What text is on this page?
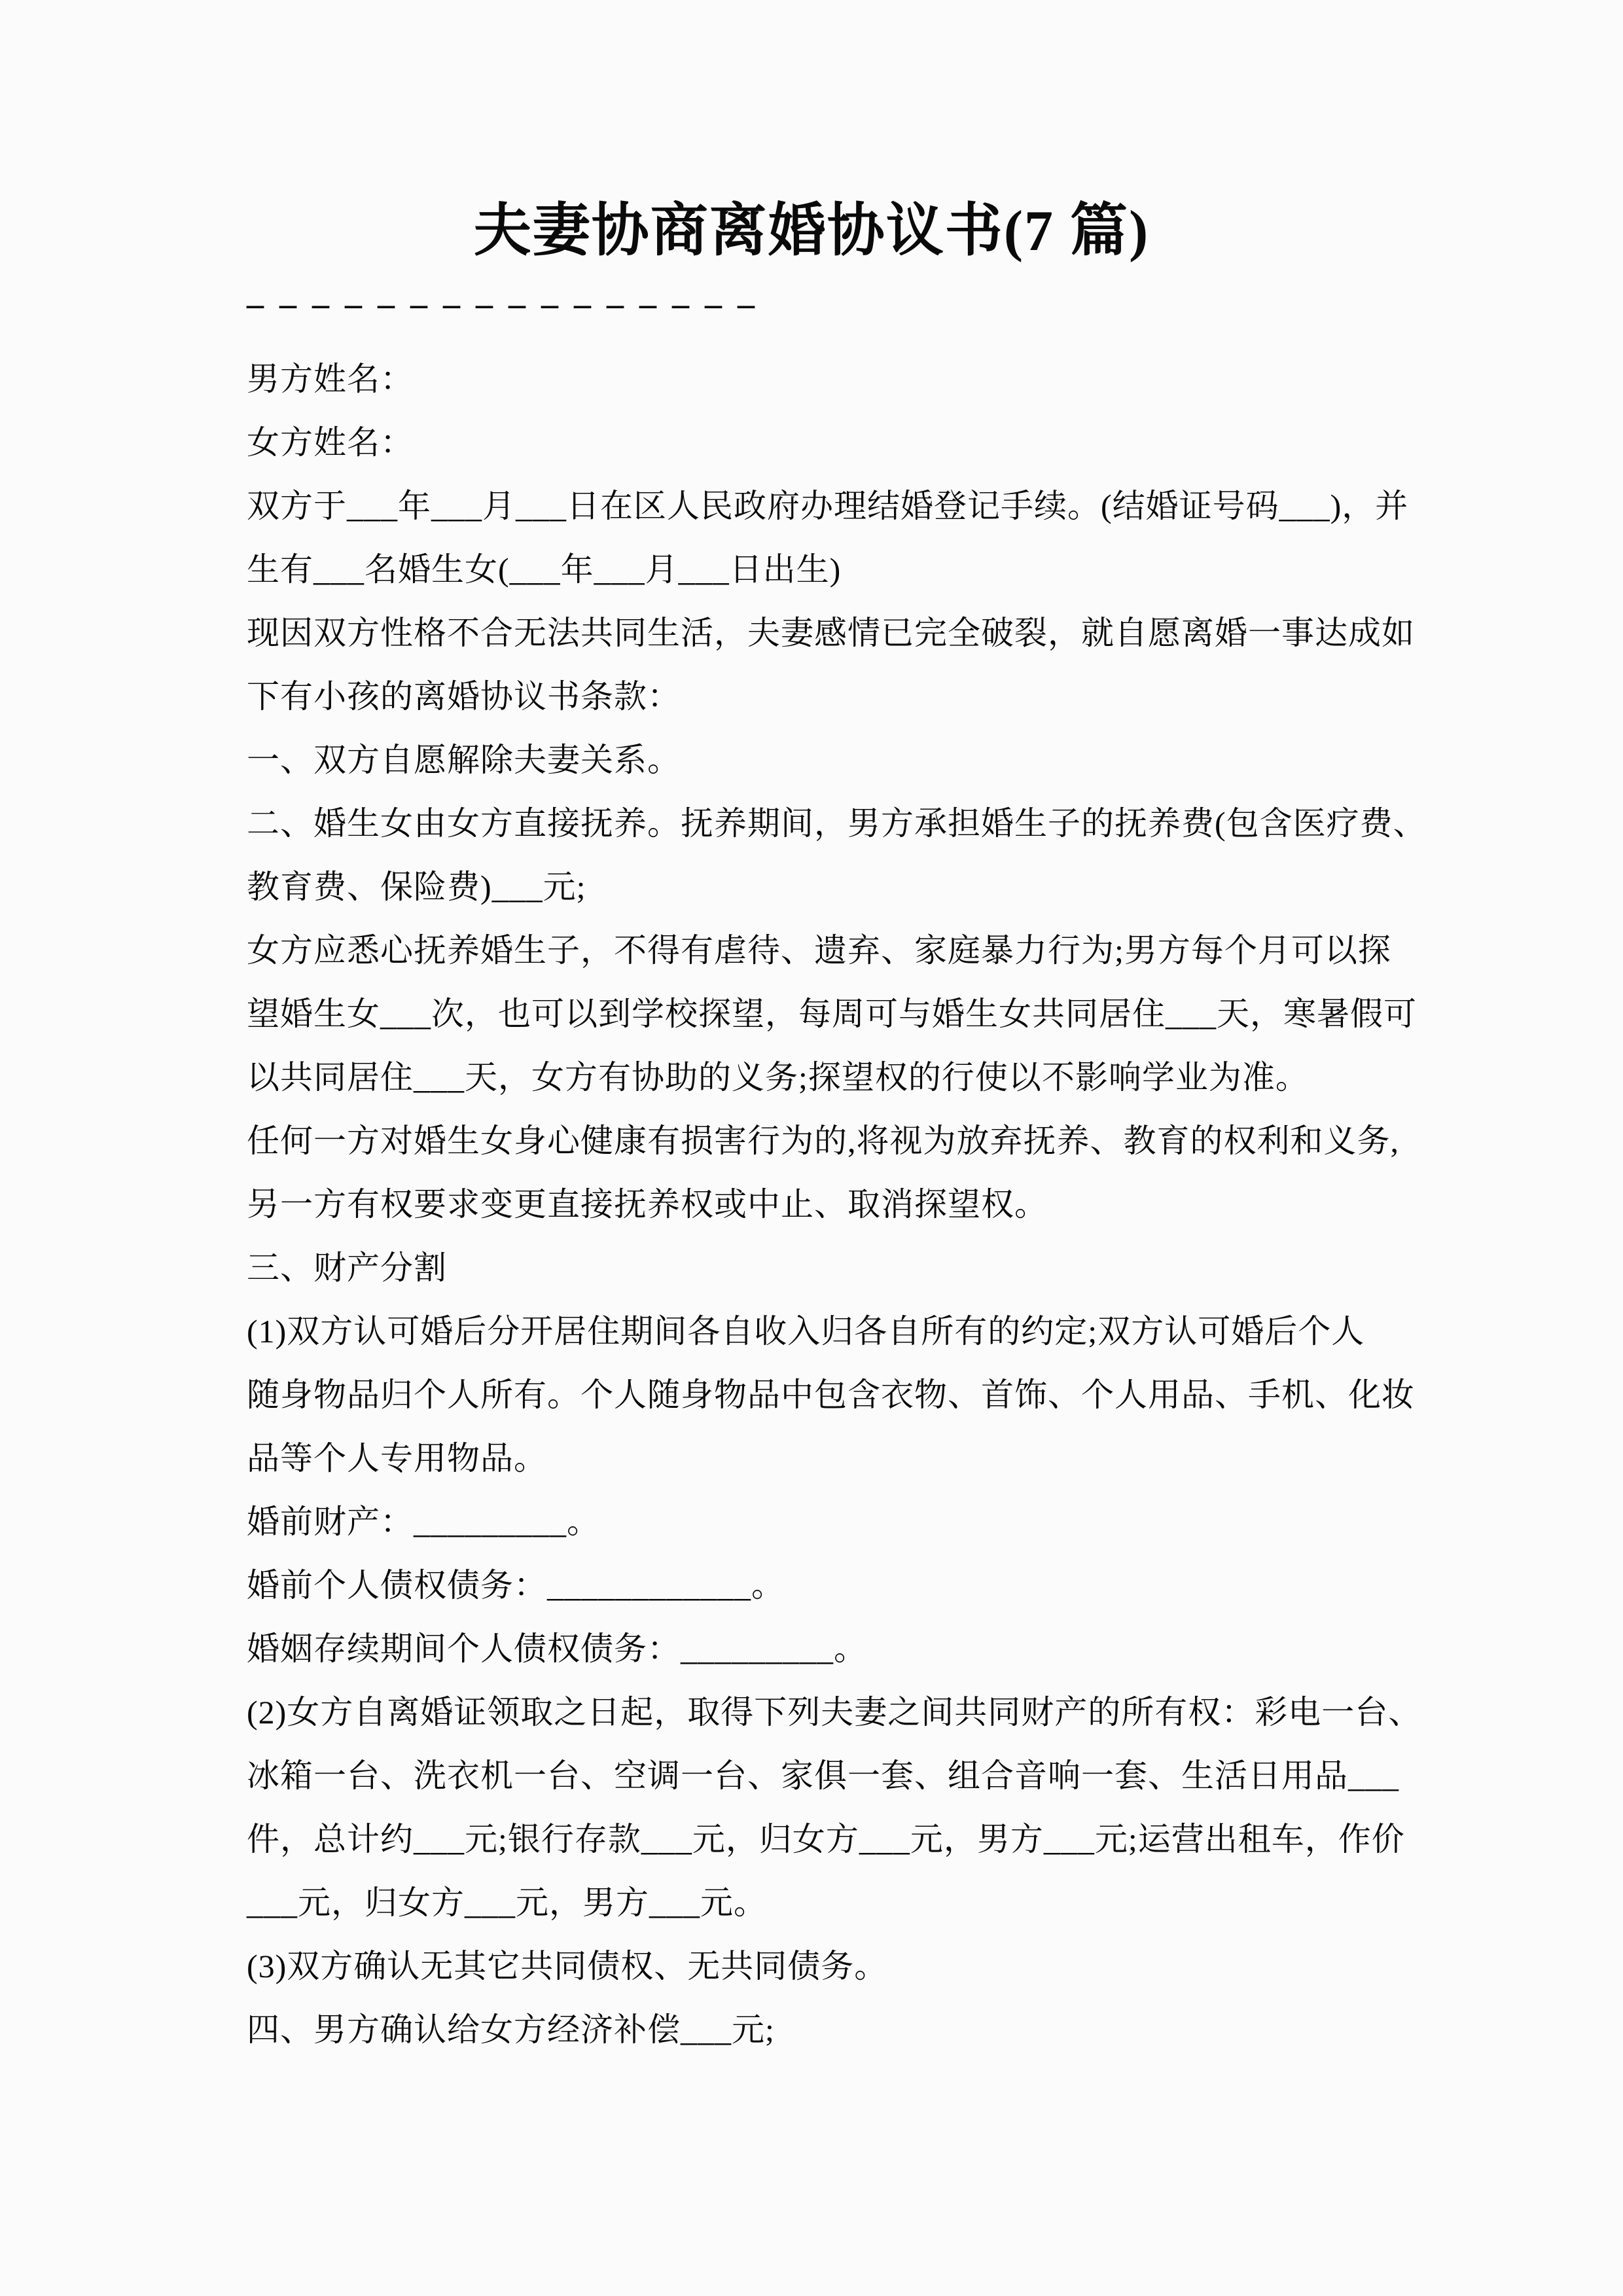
夫妻协商离婚协议书(7 篇)
________________
男方姓名：
女方姓名：
双方于___年___月___日在区人民政府办理结婚登记手续。(结婚证号码___)，并
生有___名婚生女(___年___月___日出生)
现因双方性格不合无法共同生活，夫妻感情已完全破裂，就自愿离婚一事达成如
下有小孩的离婚协议书条款：
一、双方自愿解除夫妻关系。
二、婚生女由女方直接抚养。抚养期间，男方承担婚生子的抚养费(包含医疗费、
教育费、保险费)___元;
女方应悉心抚养婚生子，不得有虐待、遗弃、家庭暴力行为;男方每个月可以探
望婚生女___次，也可以到学校探望，每周可与婚生女共同居住___天，寒暑假可
以共同居住___天，女方有协助的义务;探望权的行使以不影响学业为准。
任何一方对婚生女身心健康有损害行为的,将视为放弃抚养、教育的权利和义务,
另一方有权要求变更直接抚养权或中止、取消探望权。
三、财产分割
(1)双方认可婚后分开居住期间各自收入归各自所有的约定;双方认可婚后个人
随身物品归个人所有。个人随身物品中包含衣物、首饰、个人用品、手机、化妆
品等个人专用物品。
婚前财产：_________。
婚前个人债权债务：____________。
婚姻存续期间个人债权债务：_________。
(2)女方自离婚证领取之日起，取得下列夫妻之间共同财产的所有权：彩电一台、
冰箱一台、洗衣机一台、空调一台、家俱一套、组合音响一套、生活日用品___
件，总计约___元;银行存款___元，归女方___元，男方___元;运营出租车，作价
___元，归女方___元，男方___元。
(3)双方确认无其它共同债权、无共同债务。
四、男方确认给女方经济补偿___元;
